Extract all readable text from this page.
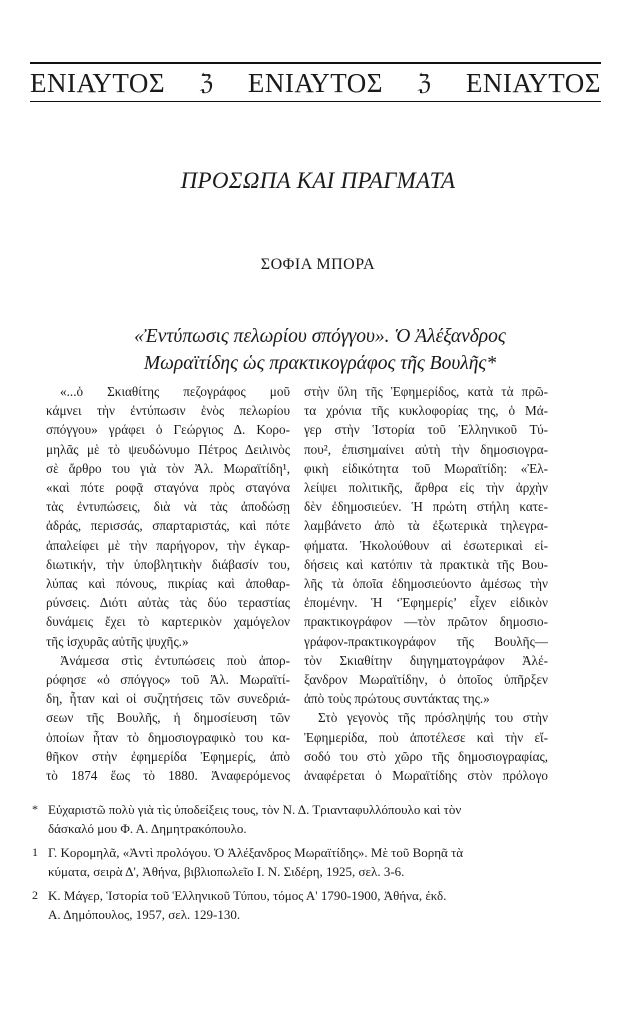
ΕΝΙΑΥΤΟΣ ℨ ΕΝΙΑΥΤΟΣ ℨ ΕΝΙΑΥΤΟΣ
ΠΡΟΣΩΠΑ ΚΑΙ ΠΡΑΓΜΑΤΑ
ΣΟΦΙΑ ΜΠΟΡΑ
«Ἐντύπωσις πελωρίου σπόγγου». Ὁ Ἀλέξανδρος
Μωραϊτίδης ὡς πρακτικογράφος τῆς Βουλῆς*
«...ὁ Σκιαθίτης πεζογράφος μοῦ
κάμνει τὴν ἐντύπωσιν ἑνὸς πελωρίου
σπόγγου» γράφει ὁ Γεώργιος Δ. Κορο-
μηλᾶς μὲ τὸ ψευδώνυμο Πέτρος Δειλινὸς
σὲ ἄρθρο του γιὰ τὸν Ἀλ. Μωραϊτίδη¹,
«καὶ πότε ροφᾷ σταγόνα πρὸς σταγόνα
τὰς ἐντυπώσεις, διὰ νὰ τὰς ἀποδώσῃ
ἀδράς, περισσάς, σπαρταριστάς, καὶ πότε
ἀπαλείφει μὲ τὴν παρήγορον, τὴν ἐγκαρ-
διωτικήν, τὴν ὑποβλητικὴν διάβασίν του,
λύπας καὶ πόνους, πικρίας καὶ ἀποθαρ-
ρύνσεις. Διότι αὐτὰς τὰς δύο τεραστίας
δυνάμεις ἔχει τὸ καρτερικὸν χαμόγελον
τῆς ἰσχυρᾶς αὐτῆς ψυχῆς.»
Ἀνάμεσα στὶς ἐντυπώσεις ποὺ ἀπορ-
ρόφησε «ὁ σπόγγος» τοῦ Ἀλ. Μωραϊτί-
δη, ἦταν καὶ οἱ συζητήσεις τῶν συνεδριά-
σεων τῆς Βουλῆς, ἡ δημοσίευση τῶν
ὁποίων ἦταν τὸ δημοσιογραφικὸ του κα-
θῆκον στὴν ἐφημερίδα Ἐφημερίς, ἀπὸ
τὸ 1874 ἕως τὸ 1880. Ἀναφερόμενος
στὴν ὕλη τῆς Ἐφημερίδος, κατὰ τὰ πρῶ-
τα χρόνια τῆς κυκλοφορίας της, ὁ Μά-
γερ στὴν Ἱστορία τοῦ Ἑλληνικοῦ Τύ-
που², ἐπισημαίνει αὐτὴ τὴν δημοσιογρα-
φικὴ εἰδικότητα τοῦ Μωραϊτίδη: «Ἐλ-
λείψει πολιτικῆς, ἄρθρα εἰς τὴν ἀρχὴν
δὲν ἐδημοσιεύεν. Ἡ πρώτη στήλη κατε-
λαμβάνετο ἀπὸ τὰ ἐξωτερικὰ τηλεγρα-
φήματα. Ἠκολούθουν αἱ ἐσωτερικαὶ εἰ-
δήσεις καὶ κατόπιν τὰ πρακτικὰ τῆς Βου-
λῆς τὰ ὁποῖα ἐδημοσιεύοντο ἀμέσως τὴν
ἐπομένην. Ἡ ‘Ἐφημερίς’ εἶχεν εἰδικὸν
πρακτικογράφον —τὸν πρῶτον δημοσιο-
γράφον-πρακτικογράφον τῆς Βουλῆς—
τὸν Σκιαθίτην διηγηματογράφον Ἀλέ-
ξανδρον Μωραϊτίδην, ὁ ὁποῖος ὑπῆρξεν
ἀπὸ τοὺς πρώτους συντάκτας της.»
Στὸ γεγονὸς τῆς πρόσληψής του στὴν
Ἐφημερίδα, ποὺ ἀποτέλεσε καὶ τὴν εἴ-
σοδό του στὸ χῶρο τῆς δημοσιογραφίας,
ἀναφέρεται ὁ Μωραϊτίδης στὸν πρόλογο
* Εὐχαριστῶ πολὺ γιὰ τὶς ὑποδείξεις τους, τὸν Ν. Δ. Τριανταφυλλόπουλο καὶ τὸν
δάσκαλό μου Φ. Α. Δημητρακόπουλο.
1 Γ. Κορομηλᾶ, «Ἀντὶ προλόγου. Ὁ Ἀλέξανδρος Μωραϊτίδης». Μὲ τοῦ Βορηᾶ τὰ
κύματα, σειρὰ Δ', Ἀθήνα, βιβλιοπωλεῖο Ι. Ν. Σιδέρη, 1925, σελ. 3-6.
2 Κ. Μάγερ, Ἱστορία τοῦ Ἑλληνικοῦ Τύπου, τόμος Α' 1790-1900, Ἀθήνα, ἐκδ.
Α. Δημόπουλος, 1957, σελ. 129-130.
